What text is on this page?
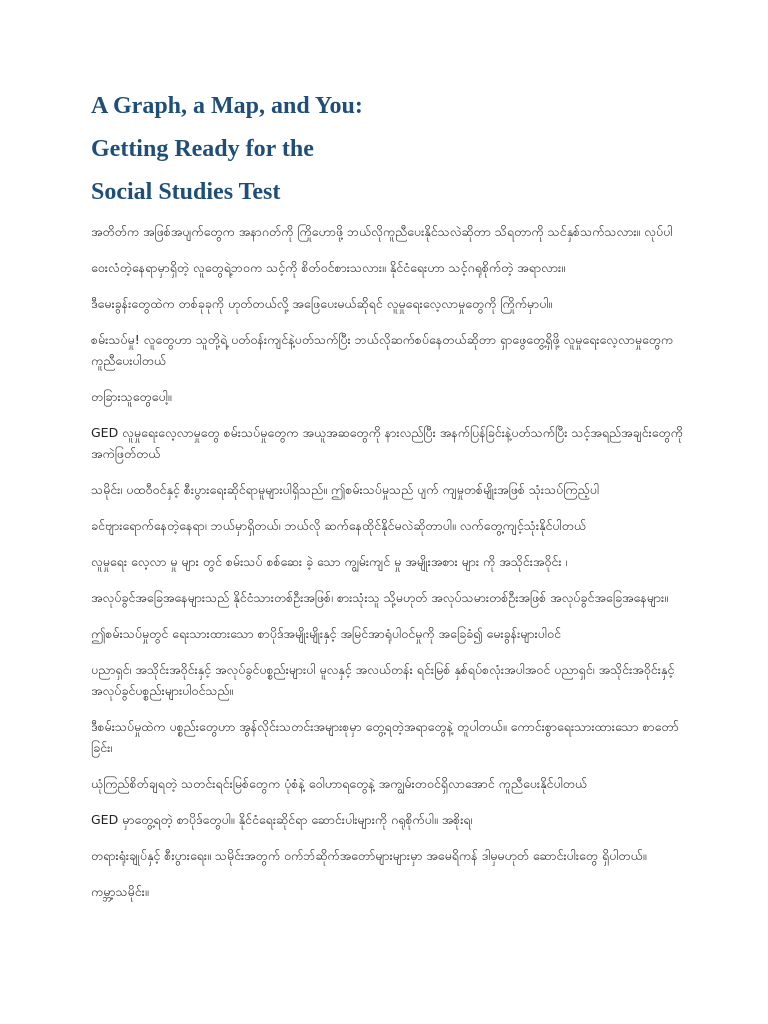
A Graph, a Map, and You:
Getting Ready for the
Social Studies Test

အတိတ်က အဖြစ်အပျက်တွေက အနာဂတ်ကို ကြိုဟောဖို့ ဘယ်လိုကူညီပေးနိုင်သလဲဆိုတာ သိရတာကို သင်နှစ်သက်သလား။ လုပ်ပါ

ဝေးလံတဲ့နေရာမှာရှိတဲ့ လူတွေရဲ့ဘဝက သင့်ကို စိတ်ဝင်စားသလား။ နိုင်ငံရေးဟာ သင့်ဂရုစိုက်တဲ့ အရာလား။

ဒီမေးခွန်းတွေထဲက တစ်ခုခုကို ဟုတ်တယ်လို့ အဖြေပေးမယ်ဆိုရင် လူမှုရေးလေ့လာမှုတွေကို ကြိုက်မှာပါ။

စမ်းသပ်မှု! လူတွေဟာ သူတို့ရဲ့ ပတ်ဝန်းကျင်နဲ့ပတ်သက်ပြီး ဘယ်လိုဆက်စပ်နေတယ်ဆိုတာ ရှာဖွေတွေ့ရှိဖို့ လူမှုရေးလေ့လာမှုတွေက ကူညီပေးပါတယ်

တခြားသူတွေပေါ့။

GED လူမှုရေးလေ့လာမှုတွေ စမ်းသပ်မှုတွေက အယူအဆတွေကို နားလည်ပြီး အနက်ပြန်ခြင်းနဲ့ပတ်သက်ပြီး သင့်အရည်အချင်းတွေကို အကဲဖြတ်တယ်

သမိုင်း၊ ပထဝီဝင်နှင့် စီးပွားရေးဆိုင်ရာမူများပါရှိသည်။ ဤစမ်းသပ်မှုသည် ပျက် ကျမှုတစ်မျိုးအဖြစ် သုံးသပ်ကြည့်ပါ

ခင်ဗျားရောက်နေတဲ့နေရာ၊ ဘယ်မှာရှိတယ်၊ ဘယ်လို ဆက်နေထိုင်နိုင်မလဲဆိုတာပါ။ လက်တွေ့ကျင့်သုံးနိုင်ပါတယ်

လူမှုရေး လေ့လာ မှု များ တွင် စမ်းသပ် စစ်ဆေး ခဲ့ သော ကျွမ်းကျင် မှု အမျိုးအစား များ ကို အသိုင်းအဝိုင်း ၊

အလုပ်ခွင်အခြေအနေများသည် နိုင်ငံသားတစ်ဦးအဖြစ်၊ စားသုံးသူ သို့မဟုတ် အလုပ်သမားတစ်ဦးအဖြစ် အလုပ်ခွင်အခြေအနေများ။

ဤစမ်းသပ်မှုတွင် ရေးသားထားသော စာပိုဒ်အမျိုးမျိုးနှင့် အမြင်အာရုံပါဝင်မှုကို အခြေခံ၍ မေးခွန်းများပါဝင်

ပညာရှင်၊ အသိုင်းအဝိုင်းနှင့် အလုပ်ခွင်ပစ္စည်းများပါ မူလနှင့် အလယ်တန်း ရင်းမြစ် နှစ်ရပ်စလုံးအပါအဝင် ပညာရှင်၊ အသိုင်းအဝိုင်းနှင့် အလုပ်ခွင်ပစ္စည်းများပါဝင်သည်။

ဒီစမ်းသပ်မှုထဲက ပစ္စည်းတွေဟာ အွန်လိုင်းသတင်းအများစုမှာ တွေ့ရတဲ့အရာတွေနဲ့ တူပါတယ်။ ကောင်းစွာရေးသားထားသော စာတော်ခြင်း၊

ယုံကြည်စိတ်ချရတဲ့ သတင်းရင်းမြစ်တွေက ပုံစံနဲ့ ဝေါဟာရတွေနဲ့ အကျွမ်းတဝင်ရှိလာအောင် ကူညီပေးနိုင်ပါတယ်

GED မှာတွေ့ရတဲ့ စာပိုဒ်တွေပါ။ နိုင်ငံရေးဆိုင်ရာ ဆောင်းပါးများကို ဂရုစိုက်ပါ။ အစိုးရ၊

တရားရုံးချုပ်နှင့် စီးပွားရေး။ သမိုင်းအတွက် ဝက်ဘ်ဆိုက်အတော်များများမှာ အမေရိကန် ဒါမှမဟုတ် ဆောင်းပါးတွေ ရှိပါတယ်။

ကမ္ဘာ့သမိုင်း။
